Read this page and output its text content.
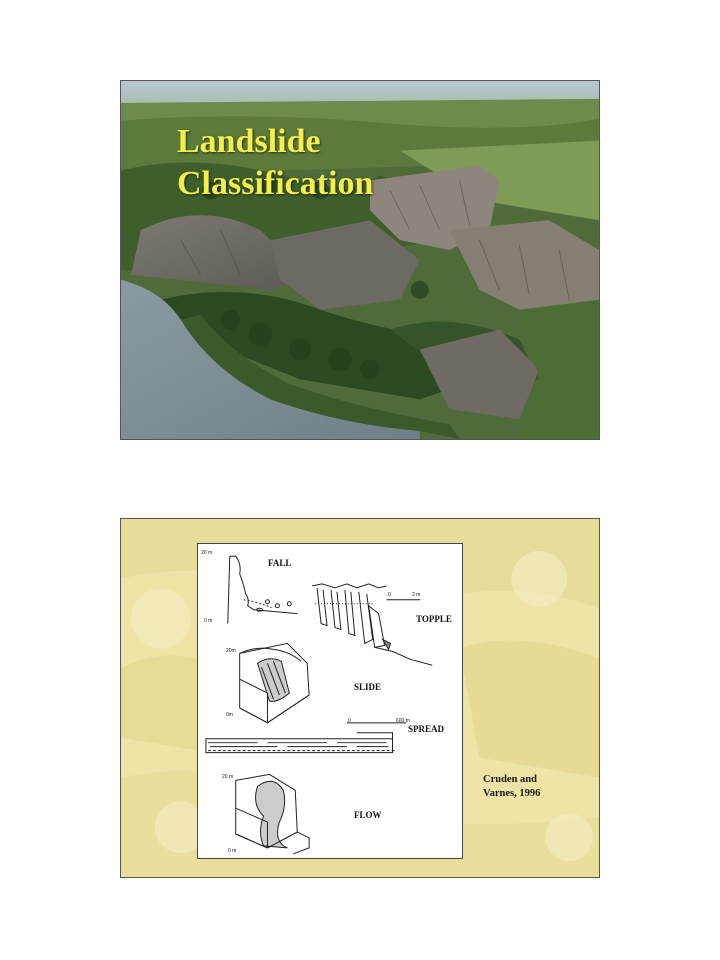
Landslide
Classification
20 m
FALL
0 m
0	3 m
TOPPLE
20m
SLIDE
0m
0	600 m
SPREAD
20 m
FLOW
0 m
Cruden and
Varnes, 1996
